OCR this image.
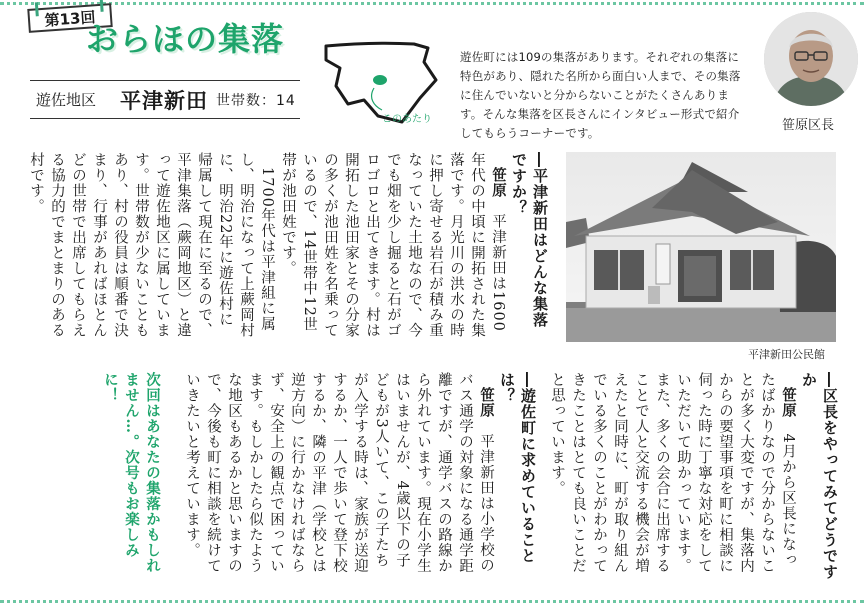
第13回
おらほの集落
遊佐地区 平津新田 世帯数：14
このあたり
遊佐町には109の集落があります。それぞれの集落に特色があり、隠れた名所から面白い人まで、その集落に住んでいないと分からないことがたくさんあります。そんな集落を区長さんにインタビュー形式で紹介してもらうコーナーです。	笹原区長

―平津新田はどんな集落ですか？

笹原　平津新田は1600年代の中頃に開拓された集落です。月光川の洪水の時に押し寄せる岩石が積み重なっていた土地なので、今でも畑を少し掘ると石がゴロゴロと出てきます。村は開拓した池田家とその分家の多くが池田姓を名乗っているので、14世帯中12世帯が池田姓です。

1700年代は平津組に属し、明治になって上蕨岡村に、明治22年に遊佐村に帰属して現在に至るので、平津集落（蕨岡地区）と違って遊佐地区に属しています。世帯数が少ないこともあり、村の役員は順番で決まり、行事があればほとんどの世帯で出席してもらえる協力的でまとまりのある村です。

平津新田公民館

―区長をやってみてどうですか

笹原　4月から区長になったばかりなので分からないことが多く大変ですが、集落内からの要望事項を町に相談に伺った時に丁寧な対応をしていただいて助かっています。また、多くの会合に出席することで人と交流する機会が増えたと同時に、町が取り組んでいる多くのことがわかってきたことはとても良いことだと思っています。

―遊佐町に求めていることは？

笹原　平津新田は小学校のバス通学の対象になる通学距離ですが、通学バスの路線から外れています。現在小学生はいませんが、4歳以下の子どもが3人いて、この子たちが入学する時は、家族が送迎するか、一人で歩いて登下校するか、隣の平津（学校とは逆方向）に行かなければならず、安全上の観点で困っています。もしかしたら似たような地区もあるかと思いますので、今後も町に相談を続けていきたいと考えています。

次回はあなたの集落かもしれません…。次号もお楽しみに！
